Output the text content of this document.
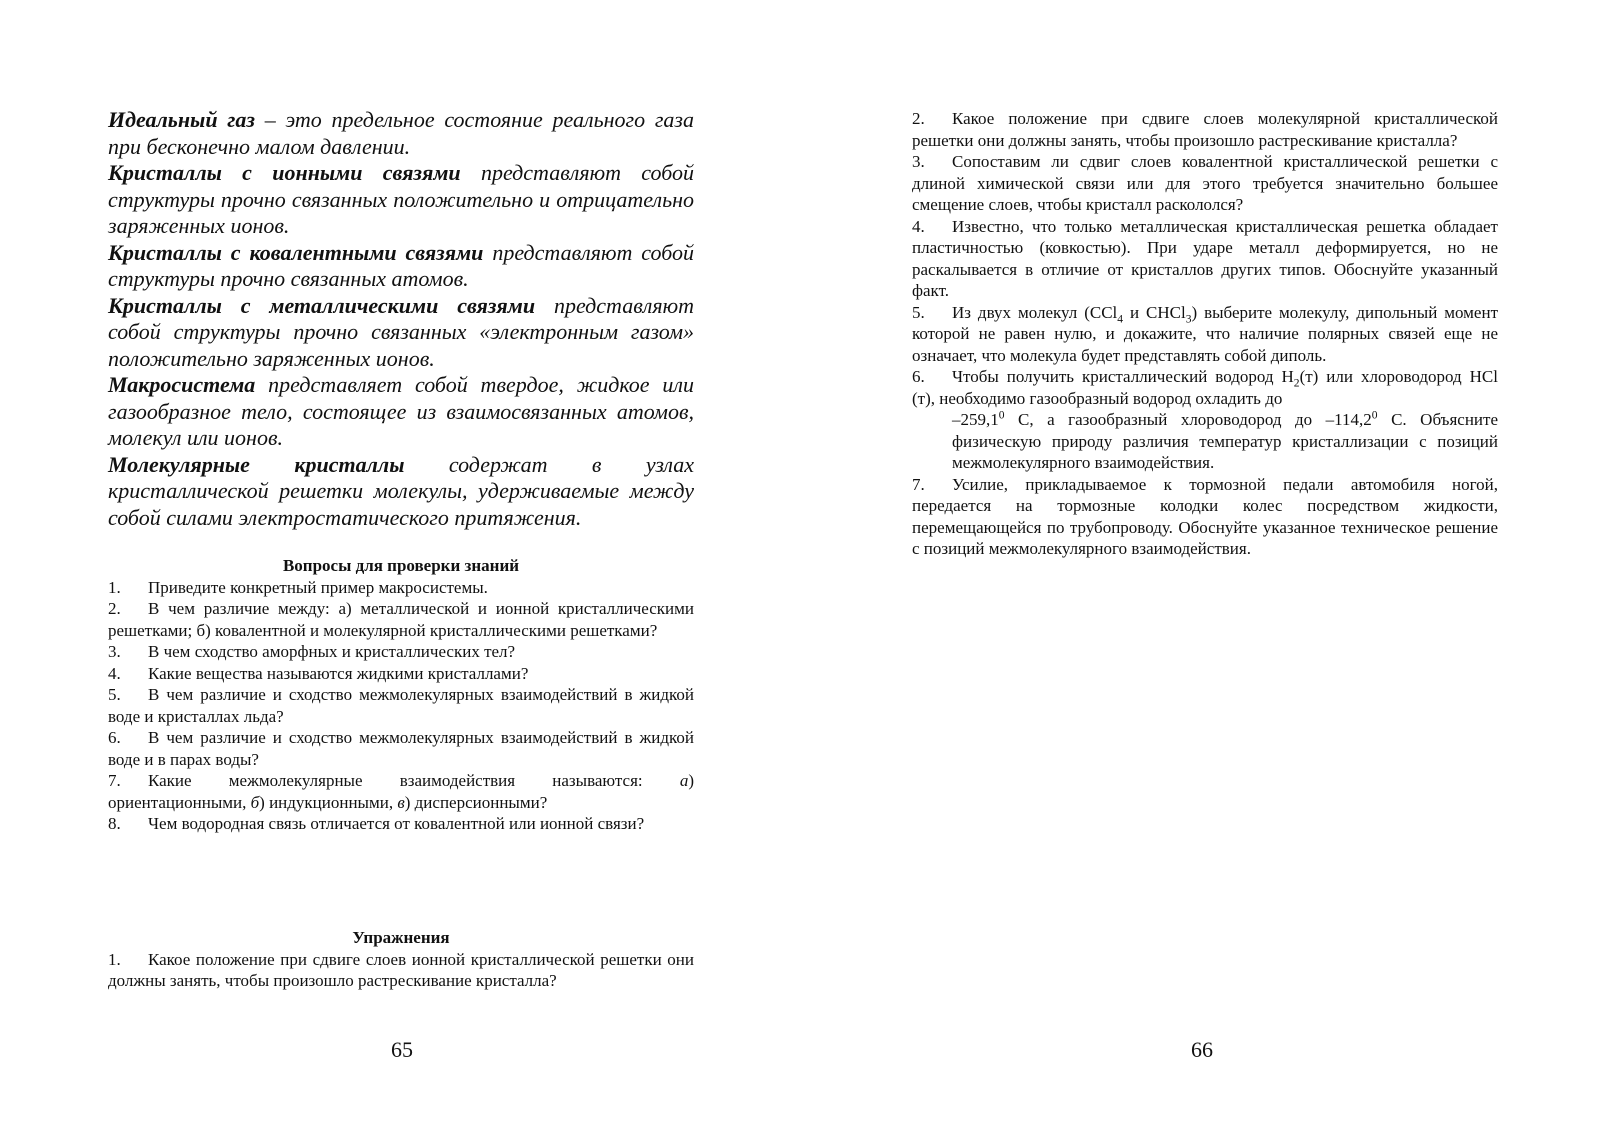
Идеальный газ – это предельное состояние реального газа при бесконечно малом давлении.

Кристаллы с ионными связями представляют собой структуры прочно связанных положительно и отрицательно заряженных ионов.

Кристаллы с ковалентными связями представляют собой структуры прочно связанных атомов.

Кристаллы с металлическими связями представляют собой структуры прочно связанных «электронным газом» положительно заряженных ионов.

Макросистема представляет собой твердое, жидкое или газообразное тело, состоящее из взаимосвязанных атомов, молекул или ионов.

Молекулярные кристаллы содержат в узлах кристаллической решетки молекулы, удерживаемые между собой силами электростатического притяжения.

Вопросы для проверки знаний

1. Приведите конкретный пример макросистемы.
2. В чем различие между: а) металлической и ионной кристаллическими решетками; б) ковалентной и молекулярной кристаллическими решетками?
3. В чем сходство аморфных и кристаллических тел?
4. Какие вещества называются жидкими кристаллами?
5. В чем различие и сходство межмолекулярных взаимодействий в жидкой воде и кристаллах льда?
6. В чем различие и сходство межмолекулярных взаимодействий в жидкой воде и в парах воды?
7. Какие межмолекулярные взаимодействия называются: а) ориентационными, б) индукционными, в) дисперсионными?
8. Чем водородная связь отличается от ковалентной или ионной связи?

Упражнения

1. Какое положение при сдвиге слоев ионной кристаллической решетки они должны занять, чтобы произошло растрескивание кристалла?
65
2. Какое положение при сдвиге слоев молекулярной кристаллической решетки они должны занять, чтобы произошло растрескивание кристалла?
3. Сопоставим ли сдвиг слоев ковалентной кристаллической решетки с длиной химической связи или для этого требуется значительно большее смещение слоев, чтобы кристалл раскололся?
4. Известно, что только металлическая кристаллическая решетка обладает пластичностью (ковкостью). При ударе металл деформируется, но не раскалывается в отличие от кристаллов других типов. Обоснуйте указанный факт.
5. Из двух молекул (CCl$_4$ и CHCl$_3$) выберите молекулу, дипольный момент которой не равен нулю, и докажите, что наличие полярных связей еще не означает, что молекула будет представлять собой диполь.
6. Чтобы получить кристаллический водород $H_2(т)$ или хлороводород HCl (т), необходимо газообразный водород охладить до
–259,1$^0$ С, а газообразный хлороводород до –114,2$^0$ С. Объясните физическую природу различия температур кристаллизации с позиций межмолекулярного взаимодействия.
7. Усилие, прикладываемое к тормозной педали автомобиля ногой, передается на тормозные колодки колес посредством жидкости, перемещающейся по трубопроводу. Обоснуйте указанное техническое решение с позиций межмолекулярного взаимодействия.
66
